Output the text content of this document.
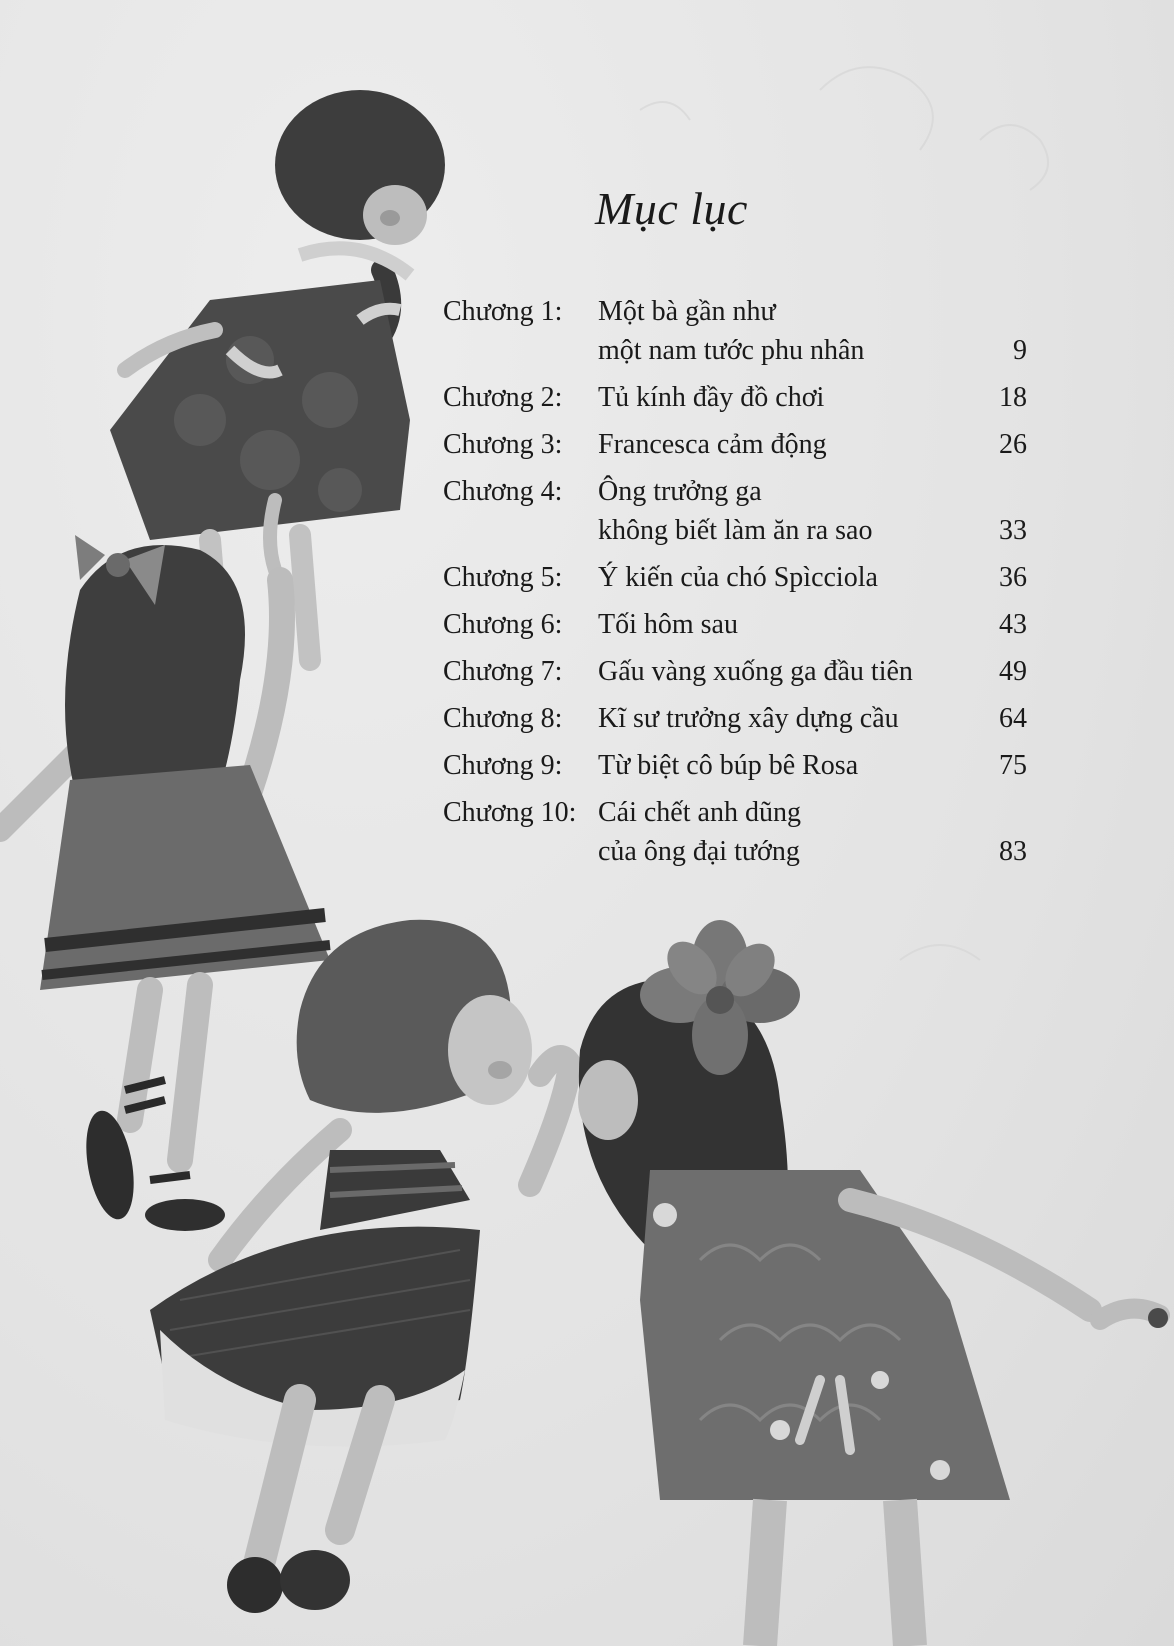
Mục lục
Chương 1:	Một bà gần như
một nam tước phu nhân	9
Chương 2:	Tủ kính đầy đồ chơi	18
Chương 3:	Francesca cảm động	26
Chương 4:	Ông trưởng ga
không biết làm ăn ra sao	33
Chương 5:	Ý kiến của chó Spìcciola	36
Chương 6:	Tối hôm sau	43
Chương 7:	Gấu vàng xuống ga đầu tiên	49
Chương 8:	Kĩ sư trưởng xây dựng cầu	64
Chương 9:	Từ biệt cô búp bê Rosa	75
Chương 10: Cái chết anh dũng
của ông đại tướng	83
